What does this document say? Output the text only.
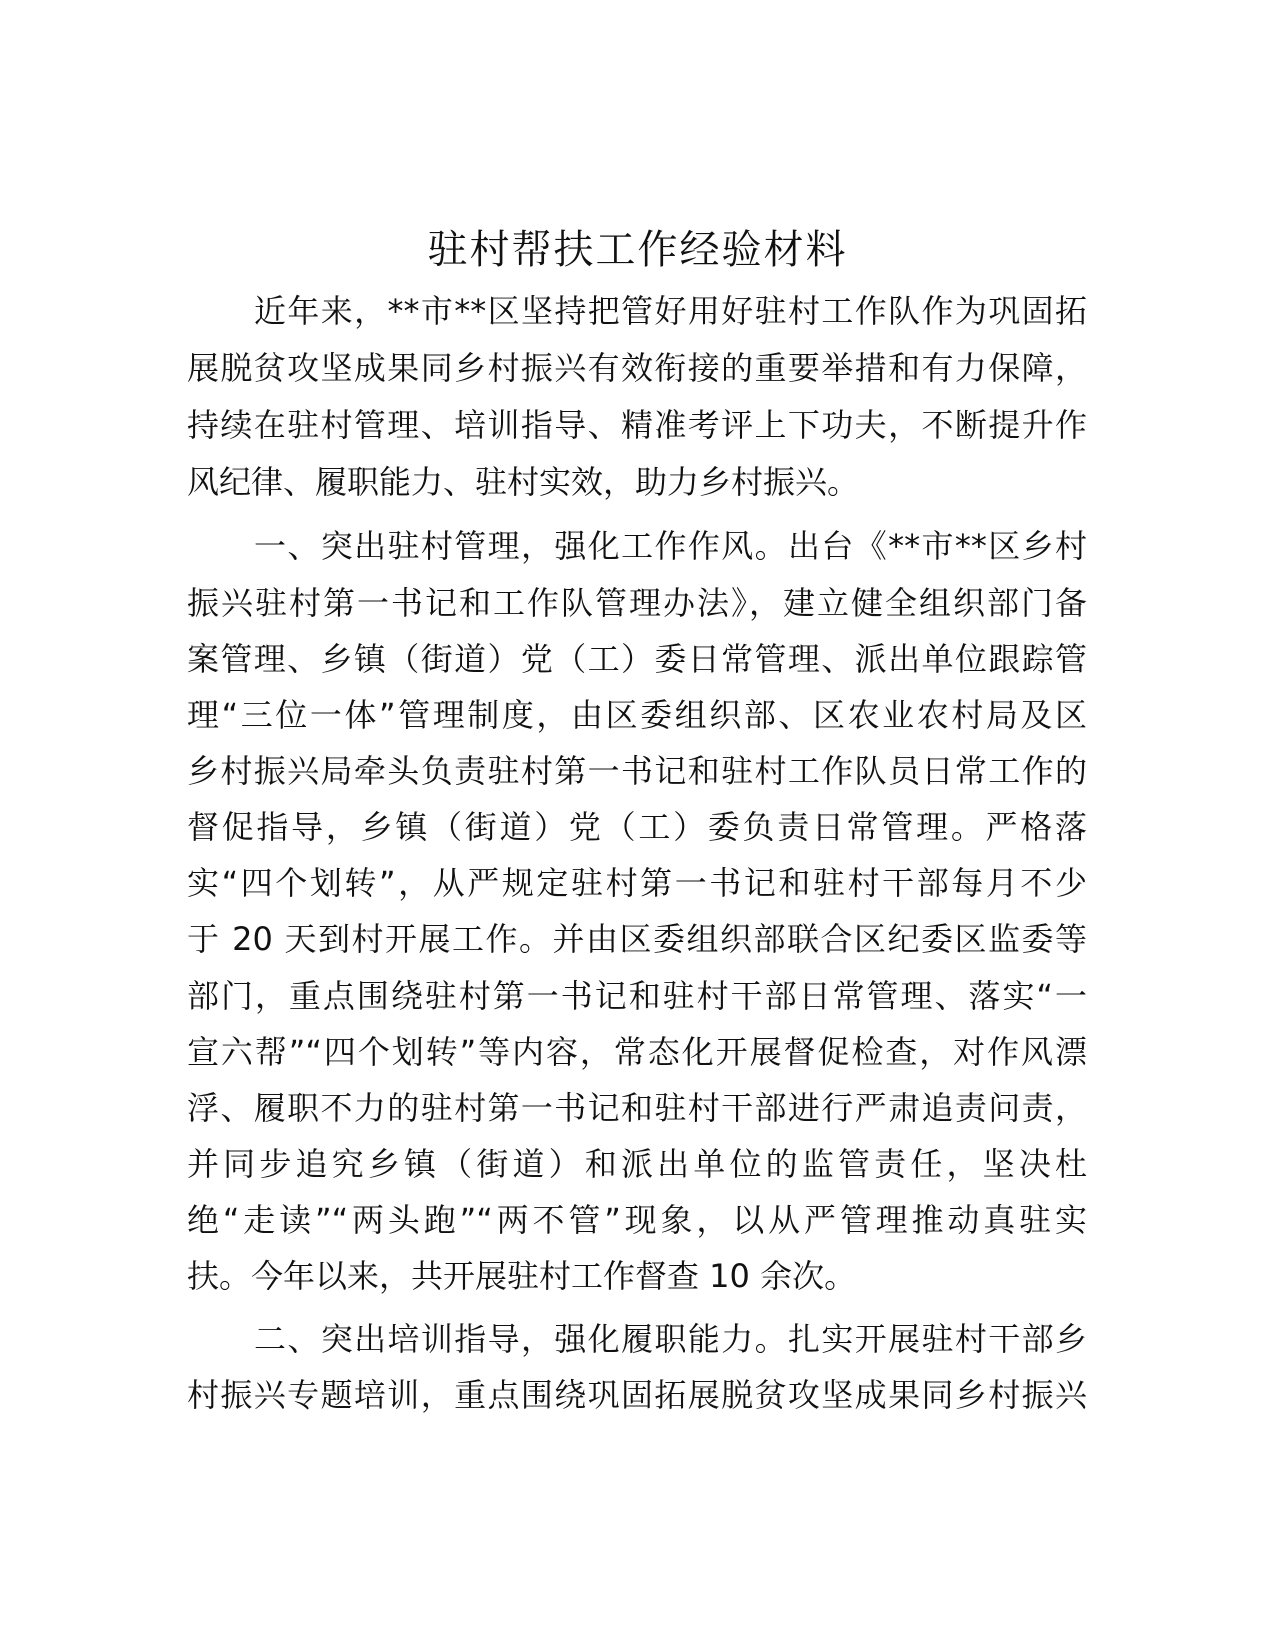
驻村帮扶工作经验材料

近年来，**市**区坚持把管好用好驻村工作队作为巩固拓

展脱贫攻坚成果同乡村振兴有效衔接的重要举措和有力保障，

持续在驻村管理、培训指导、精准考评上下功夫，不断提升作

风纪律、履职能力、驻村实效，助力乡村振兴。

一、突出驻村管理，强化工作作风。出台《**市**区乡村

振兴驻村第一书记和工作队管理办法》，建立健全组织部门备

案管理、乡镇（街道）党（工）委日常管理、派出单位跟踪管

理“三位一体”管理制度，由区委组织部、区农业农村局及区

乡村振兴局牵头负责驻村第一书记和驻村工作队员日常工作的

督促指导，乡镇（街道）党（工）委负责日常管理。严格落

实“四个划转”，从严规定驻村第一书记和驻村干部每月不少

于 20 天到村开展工作。并由区委组织部联合区纪委区监委等

部门，重点围绕驻村第一书记和驻村干部日常管理、落实“一

宣六帮”“四个划转”等内容，常态化开展督促检查，对作风漂

浮、履职不力的驻村第一书记和驻村干部进行严肃追责问责，

并同步追究乡镇（街道）和派出单位的监管责任，坚决杜

绝“走读”“两头跑”“两不管”现象，以从严管理推动真驻实

扶。今年以来，共开展驻村工作督查 10 余次。

二、突出培训指导，强化履职能力。扎实开展驻村干部乡

村振兴专题培训，重点围绕巩固拓展脱贫攻坚成果同乡村振兴
